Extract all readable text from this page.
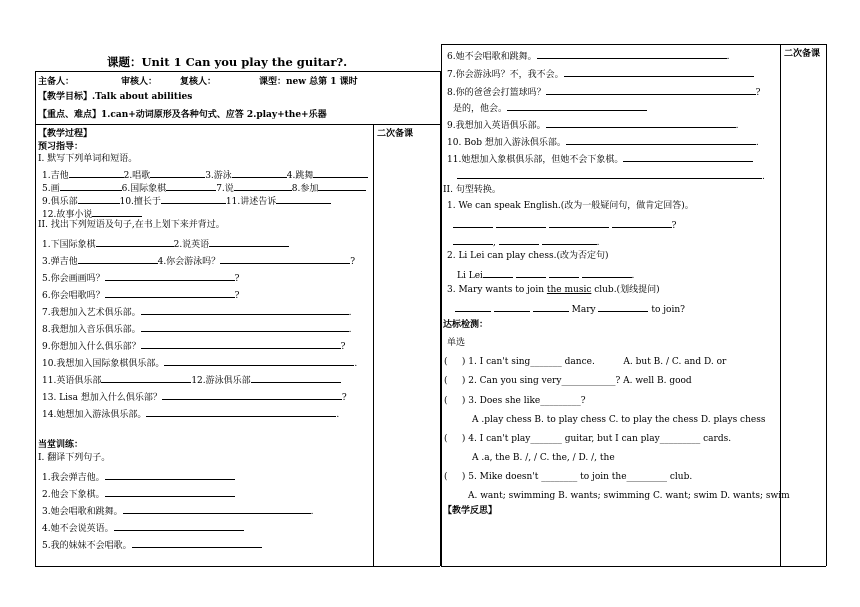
课题：Unit 1 Can you play the guitar?.
主备人：	审核人：	复核人：	课型：new 总第 1 课时
【教学目标】.Talk about abilities
【重点、难点】1.can+动词原形及各种句式、应答 2.play+the+乐器
【教学过程】	二次备课
预习指导：
I. 默写下列单词和短语。
1.吉他	2.唱歌	3.游泳	4.跳舞
5.画	6.国际象棋	7.说	8.参加
9.俱乐部	10.擅长于	11.讲述告诉
12.故事小说
II. 找出下列短语及句子,在书上划下来并背过。
1.下国际象棋	2.说英语
3.弹吉他	4.你会游泳吗？	?
5.你会画画吗？	?
6.你会唱歌吗？	?
7.我想加入艺术俱乐部。	.
8.我想加入音乐俱乐部。	.
9.你想加入什么俱乐部？	?
10.我想加入国际象棋俱乐部。	.
11.英语俱乐部	12.游泳俱乐部
13. Lisa 想加入什么俱乐部？	?
14.她想加入游泳俱乐部。	.
当堂训练：
I. 翻译下列句子。
1.我会弹吉他。
2.他会下象棋。
3.她会唱歌和跳舞。	.
4.她不会说英语。
5.我的妹妹不会唱歌。
二次备课
6.她不会唱歌和跳舞。	.
7.你会游泳吗？不，我不会。
8.你的爸爸会打篮球吗？	?
是的，他会。
9.我想加入英语俱乐部。	.
10. Bob 想加入游泳俱乐部。	.
11.她想加入象棋俱乐部，但她不会下象棋。
.
II. 句型转换。
1. We can speak English.(改为一般疑问句，做肯定回答)。
?
,	.
2. Li Lei can play chess.(改为否定句)
Li Lei	.
3. Mary wants to join the music club.(划线提问)
Mary	to join?
达标检测：
单选
( ) 1. I can't sing_______ dance.	A. but B. / C. and D. or
( ) 2. Can you sing very____________? A. well B. good
( ) 3. Does she like_________?
A .play chess B. to play chess C. to play the chess D. plays chess
( ) 4. I can't play_______ guitar, but I can play_________ cards.
A .a, the B. /, / C. the, / D. /, the
( ) 5. Mike doesn't ________ to join the_________ club.
A. want; swimming B. wants; swimming C. want; swim D. wants; swim
【教学反思】
